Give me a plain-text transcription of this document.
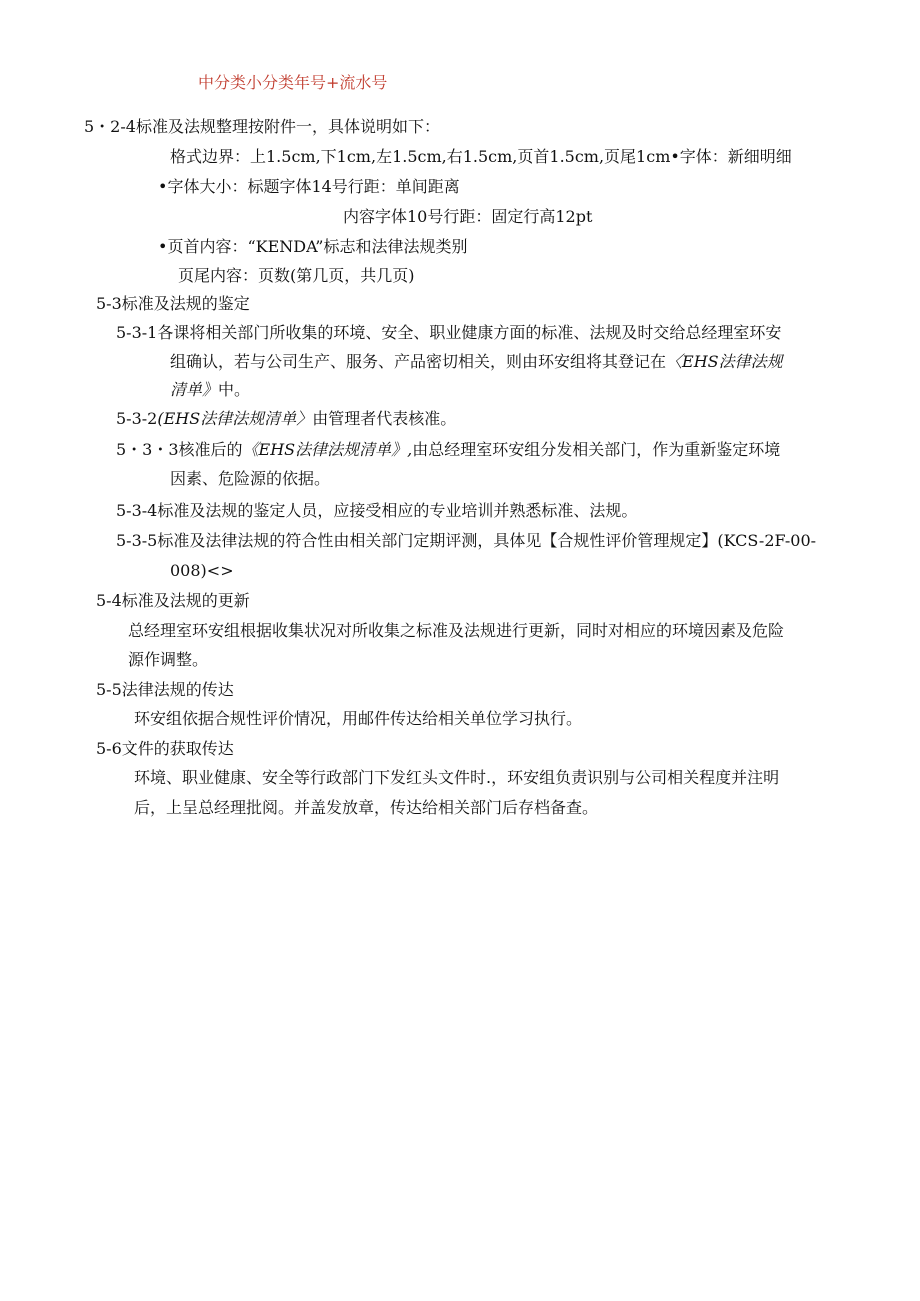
中分类小分类年号+流水号
5・2-4标准及法规整理按附件一，具体说明如下：
格式边界：上1.5cm,下1cm,左1.5cm,右1.5cm,页首1.5cm,页尾1cm•字体：新细明细
•字体大小：标题字体14号行距：单间距离
内容字体10号行距：固定行高12pt
•页首内容：“KENDA”标志和法律法规类别
页尾内容：页数(第几页，共几页)
5-3标准及法规的鉴定
5-3-1各课将相关部门所收集的环境、安全、职业健康方面的标准、法规及时交给总经理室环安
组确认，若与公司生产、服务、产品密切相关，则由环安组将其登记在〈EHS法律法规
清单》中。
5-3-2(EHS法律法规清单〉由管理者代表核准。
5・3・3核准后的《EHS法律法规清单》,由总经理室环安组分发相关部门，作为重新鉴定环境
因素、危险源的依据。
5-3-4标准及法规的鉴定人员，应接受相应的专业培训并熟悉标准、法规。
5-3-5标准及法律法规的符合性由相关部门定期评测，具体见【合规性评价管理规定】(KCS-2F-00-
008)<>
5-4标准及法规的更新
总经理室环安组根据收集状况对所收集之标准及法规进行更新，同时对相应的环境因素及危险
源作调整。
5-5法律法规的传达
环安组依据合规性评价情况，用邮件传达给相关单位学习执行。
5-6文件的获取传达
环境、职业健康、安全等行政部门下发红头文件时.，环安组负责识别与公司相关程度并注明
后，上呈总经理批阅。并盖发放章，传达给相关部门后存档备查。
